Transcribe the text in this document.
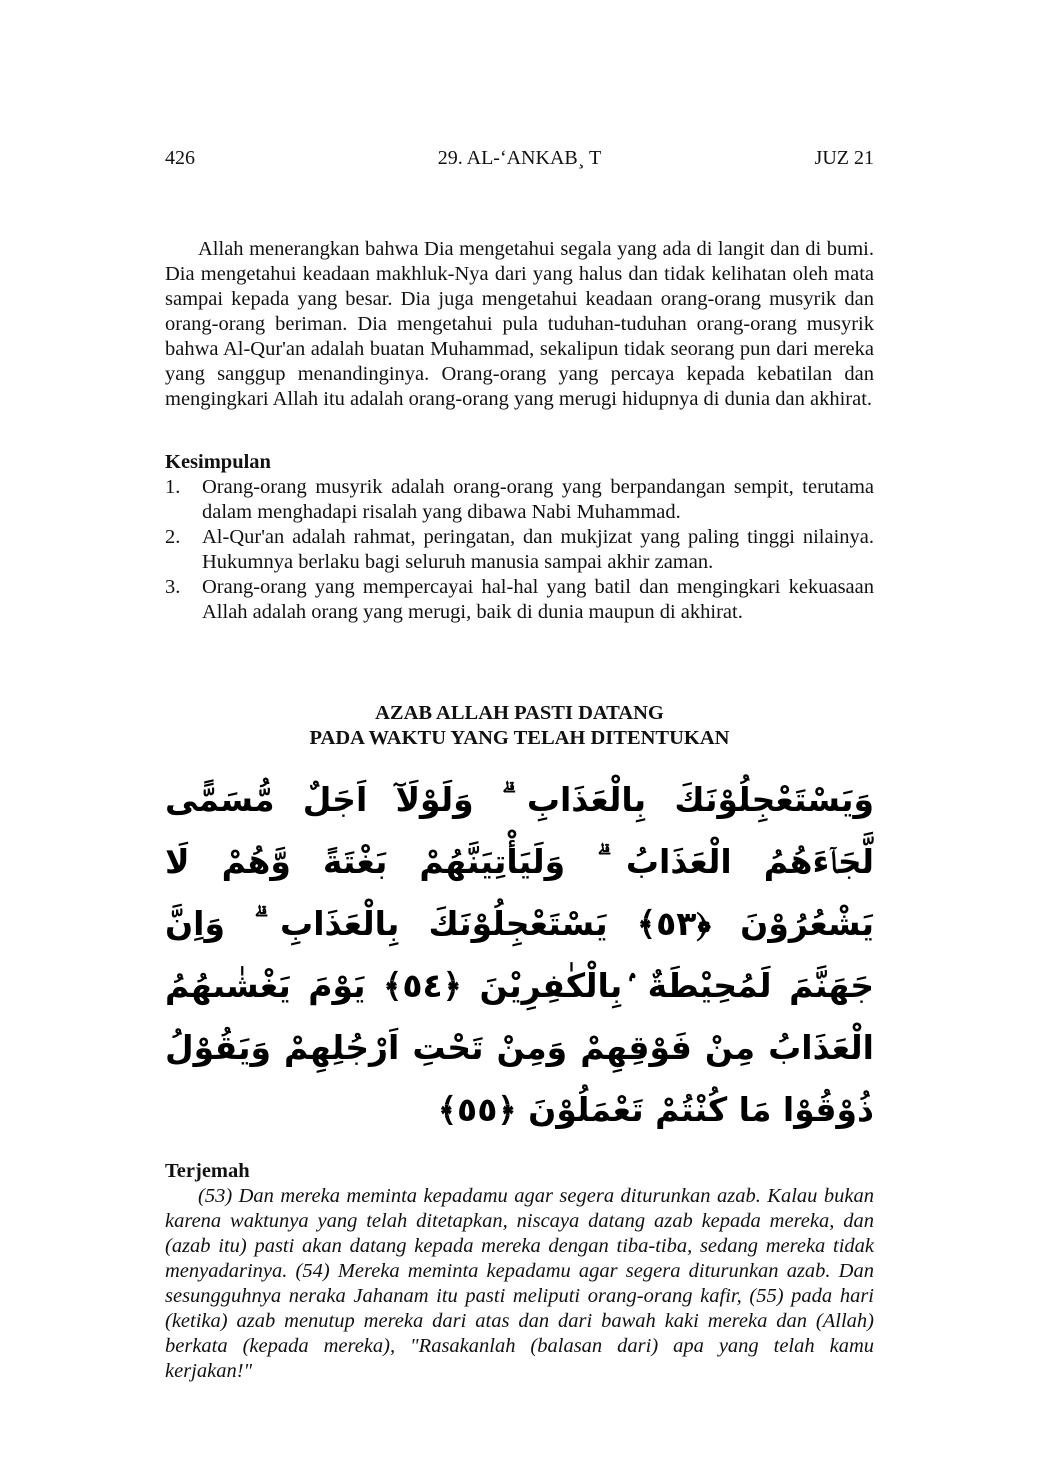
426	29. AL-‘ANKAB¸ T	JUZ 21

Allah menerangkan bahwa Dia mengetahui segala yang ada di langit dan di bumi. Dia mengetahui keadaan makhluk-Nya dari yang halus dan tidak kelihatan oleh mata sampai kepada yang besar. Dia juga mengetahui keadaan orang-orang musyrik dan orang-orang beriman. Dia mengetahui pula tuduhan-tuduhan orang-orang musyrik bahwa Al-Qur'an adalah buatan Muhammad, sekalipun tidak seorang pun dari mereka yang sanggup menandinginya. Orang-orang yang percaya kepada kebatilan dan mengingkari Allah itu adalah orang-orang yang merugi hidupnya di dunia dan akhirat.

Kesimpulan

1. Orang-orang musyrik adalah orang-orang yang berpandangan sempit, terutama dalam menghadapi risalah yang dibawa Nabi Muhammad.
2. Al-Qur'an adalah rahmat, peringatan, dan mukjizat yang paling tinggi nilainya. Hukumnya berlaku bagi seluruh manusia sampai akhir zaman.
3. Orang-orang yang mempercayai hal-hal yang batil dan mengingkari kekuasaan Allah adalah orang yang merugi, baik di dunia maupun di akhirat.
AZAB ALLAH PASTI DATANG
PADA WAKTU YANG TELAH DITENTUKAN
وَيَسْتَعْجِلُوْنَكَ بِالْعَذَابِ ۗ وَلَوْلَآ اَجَلٌ مُّسَمًّى لَّجَاۤءَهُمُ الْعَذَابُ ۗ وَلَيَأْتِيَنَّهُمْ بَغْتَةً وَّهُمْ لَا يَشْعُرُوْنَ ﴿٥٣﴾ يَسْتَعْجِلُوْنَكَ بِالْعَذَابِ ۗ وَاِنَّ جَهَنَّمَ لَمُحِيْطَةٌ ۢبِالْكٰفِرِيْنَ ﴿٥٤﴾ يَوْمَ يَغْشٰىهُمُ الْعَذَابُ مِنْ فَوْقِهِمْ وَمِنْ تَحْتِ اَرْجُلِهِمْ وَيَقُوْلُ ذُوْقُوْا مَا كُنْتُمْ تَعْمَلُوْنَ ﴿٥٥﴾

Terjemah

(53) Dan mereka meminta kepadamu agar segera diturunkan azab. Kalau bukan karena waktunya yang telah ditetapkan, niscaya datang azab kepada mereka, dan (azab itu) pasti akan datang kepada mereka dengan tiba-tiba, sedang mereka tidak menyadarinya. (54) Mereka meminta kepadamu agar segera diturunkan azab. Dan sesungguhnya neraka Jahanam itu pasti meliputi orang-orang kafir, (55) pada hari (ketika) azab menutup mereka dari atas dan dari bawah kaki mereka dan (Allah) berkata (kepada mereka), "Rasakanlah (balasan dari) apa yang telah kamu kerjakan!"
